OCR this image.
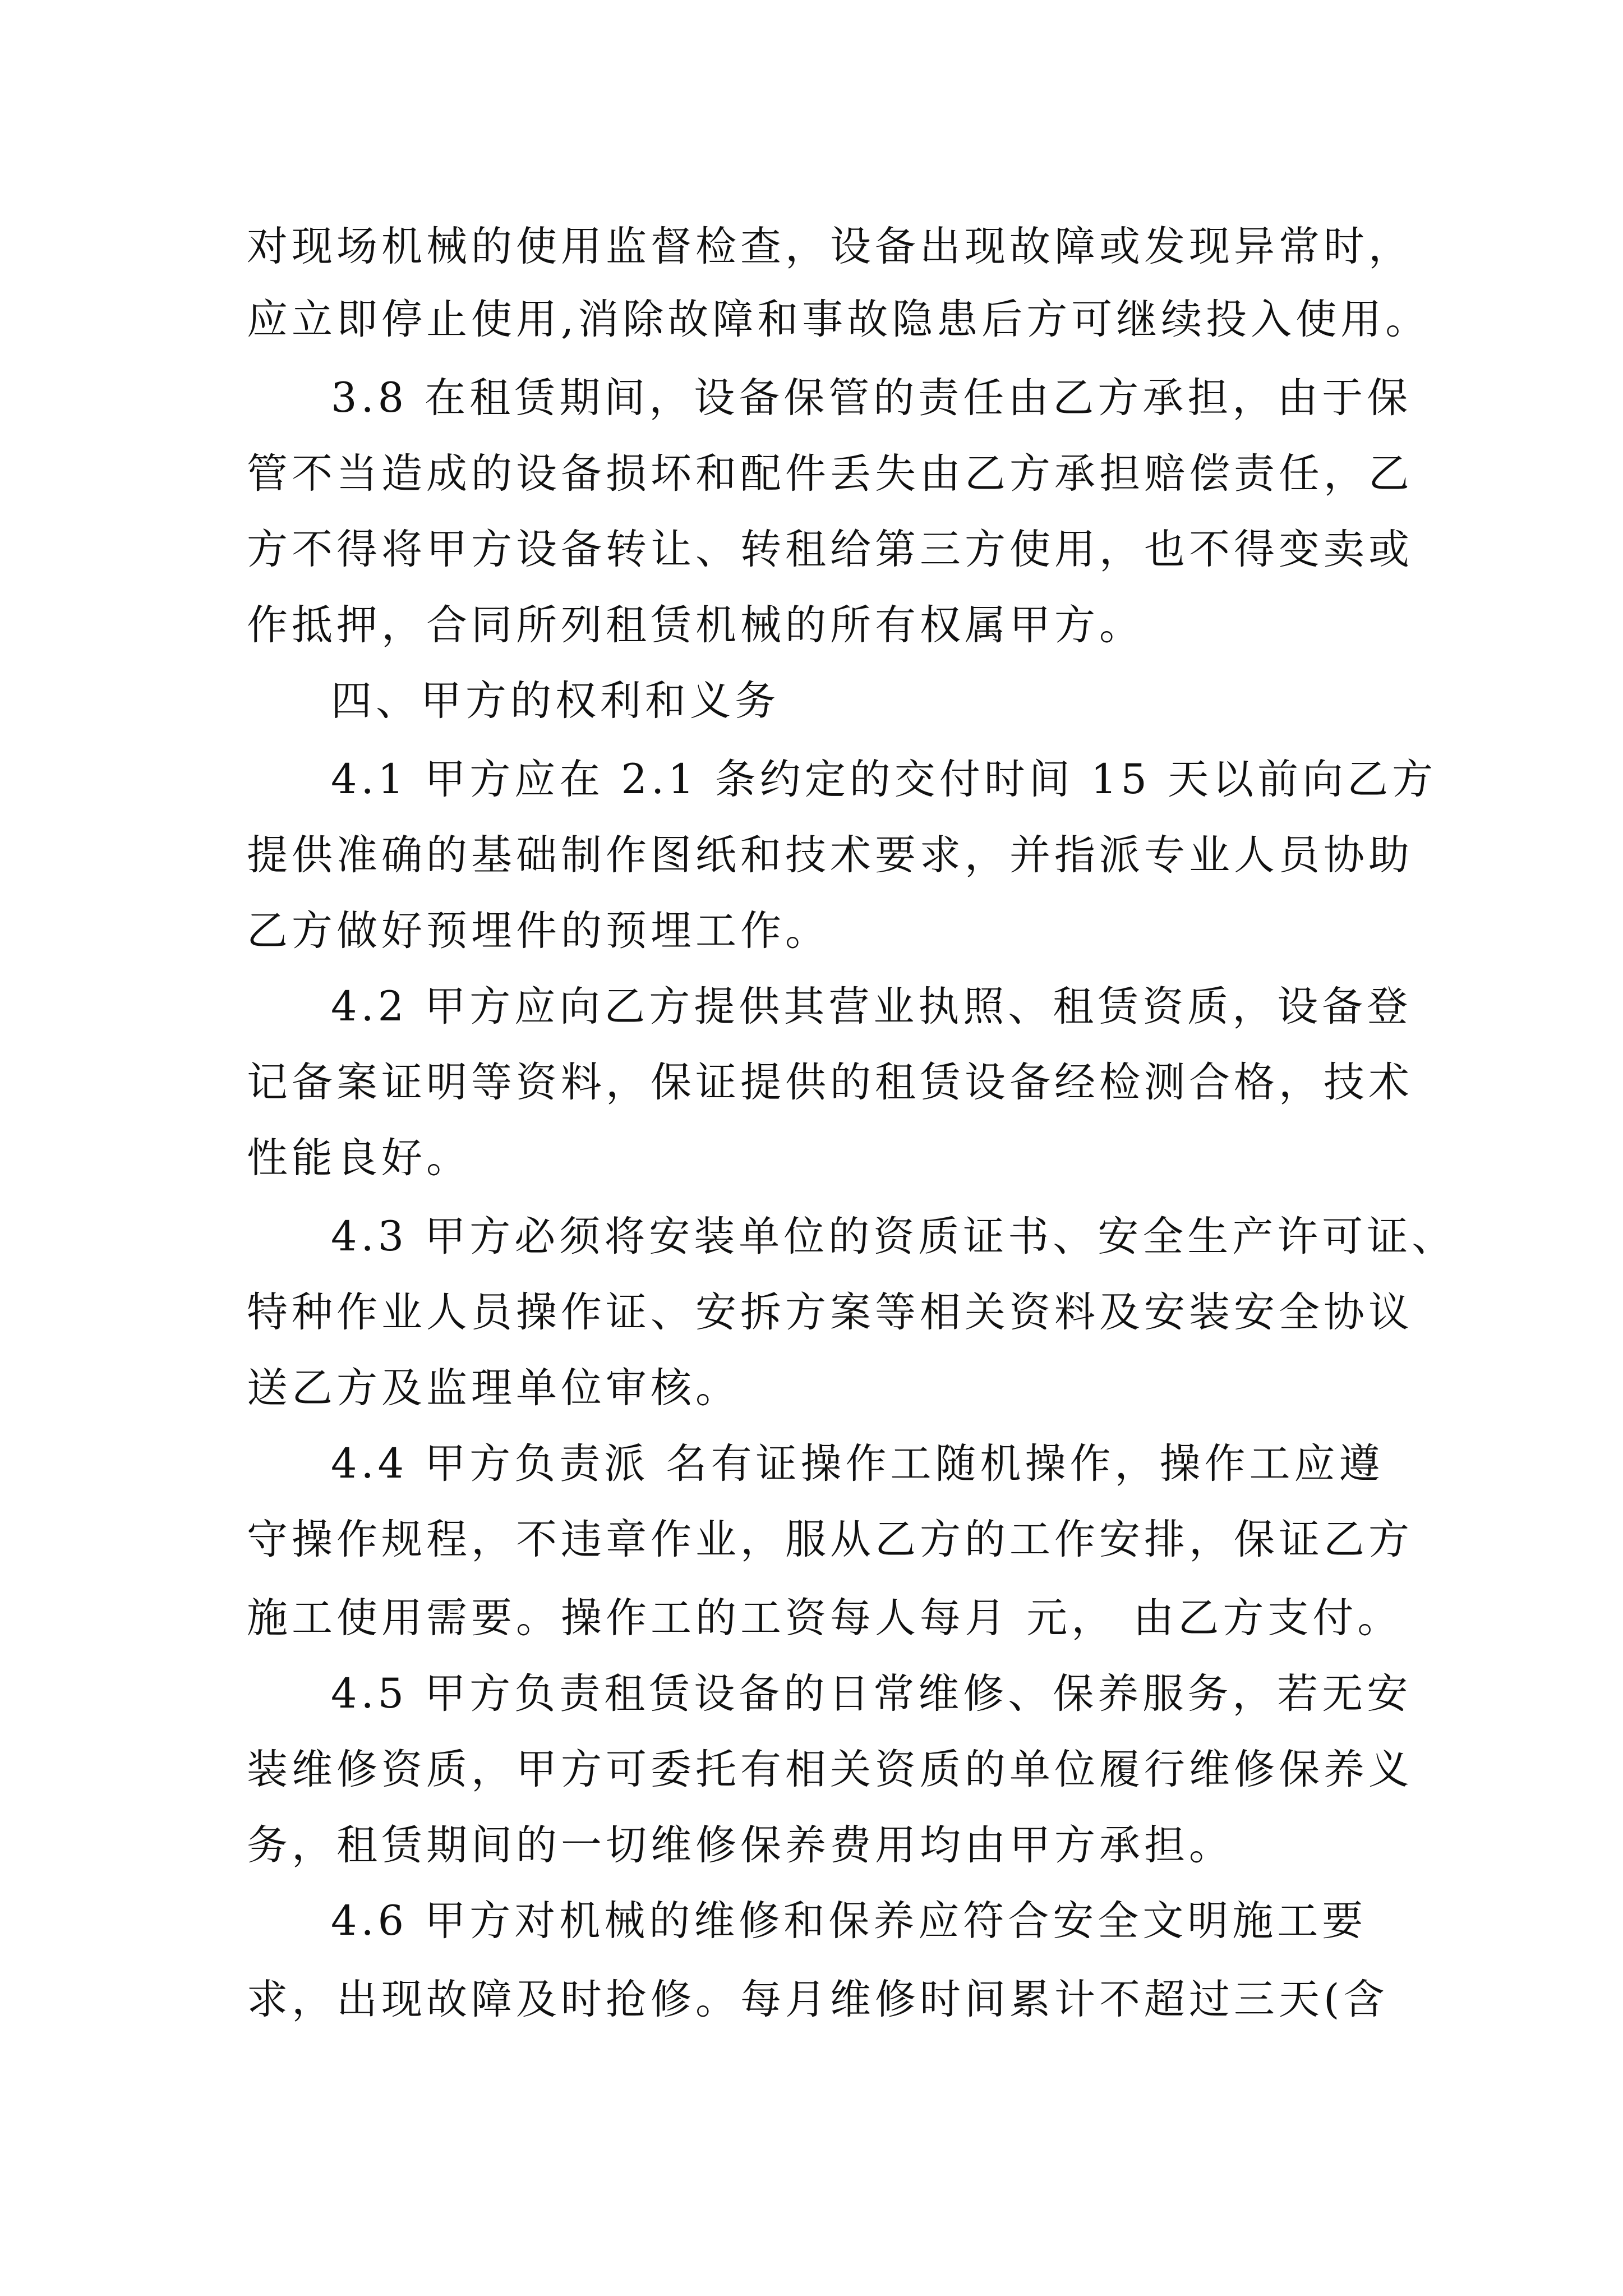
对现场机械的使用监督检查，设备出现故障或发现异常时，
应立即停止使用,消除故障和事故隐患后方可继续投入使用。
3.8 在租赁期间，设备保管的责任由乙方承担，由于保
管不当造成的设备损坏和配件丢失由乙方承担赔偿责任，乙
方不得将甲方设备转让、转租给第三方使用，也不得变卖或
作抵押，合同所列租赁机械的所有权属甲方。
四、甲方的权利和义务
4.1 甲方应在 2.1 条约定的交付时间 15 天以前向乙方
提供准确的基础制作图纸和技术要求，并指派专业人员协助
乙方做好预埋件的预埋工作。
4.2 甲方应向乙方提供其营业执照、租赁资质，设备登
记备案证明等资料，保证提供的租赁设备经检测合格，技术
性能良好。
4.3 甲方必须将安装单位的资质证书、安全生产许可证、
特种作业人员操作证、安拆方案等相关资料及安装安全协议
送乙方及监理单位审核。
4.4 甲方负责派 名有证操作工随机操作，操作工应遵
守操作规程，不违章作业，服从乙方的工作安排，保证乙方
施工使用需要。操作工的工资每人每月 元， 由乙方支付。
4.5 甲方负责租赁设备的日常维修、保养服务，若无安
装维修资质，甲方可委托有相关资质的单位履行维修保养义
务，租赁期间的一切维修保养费用均由甲方承担。
4.6 甲方对机械的维修和保养应符合安全文明施工要
求，出现故障及时抢修。每月维修时间累计不超过三天(含
